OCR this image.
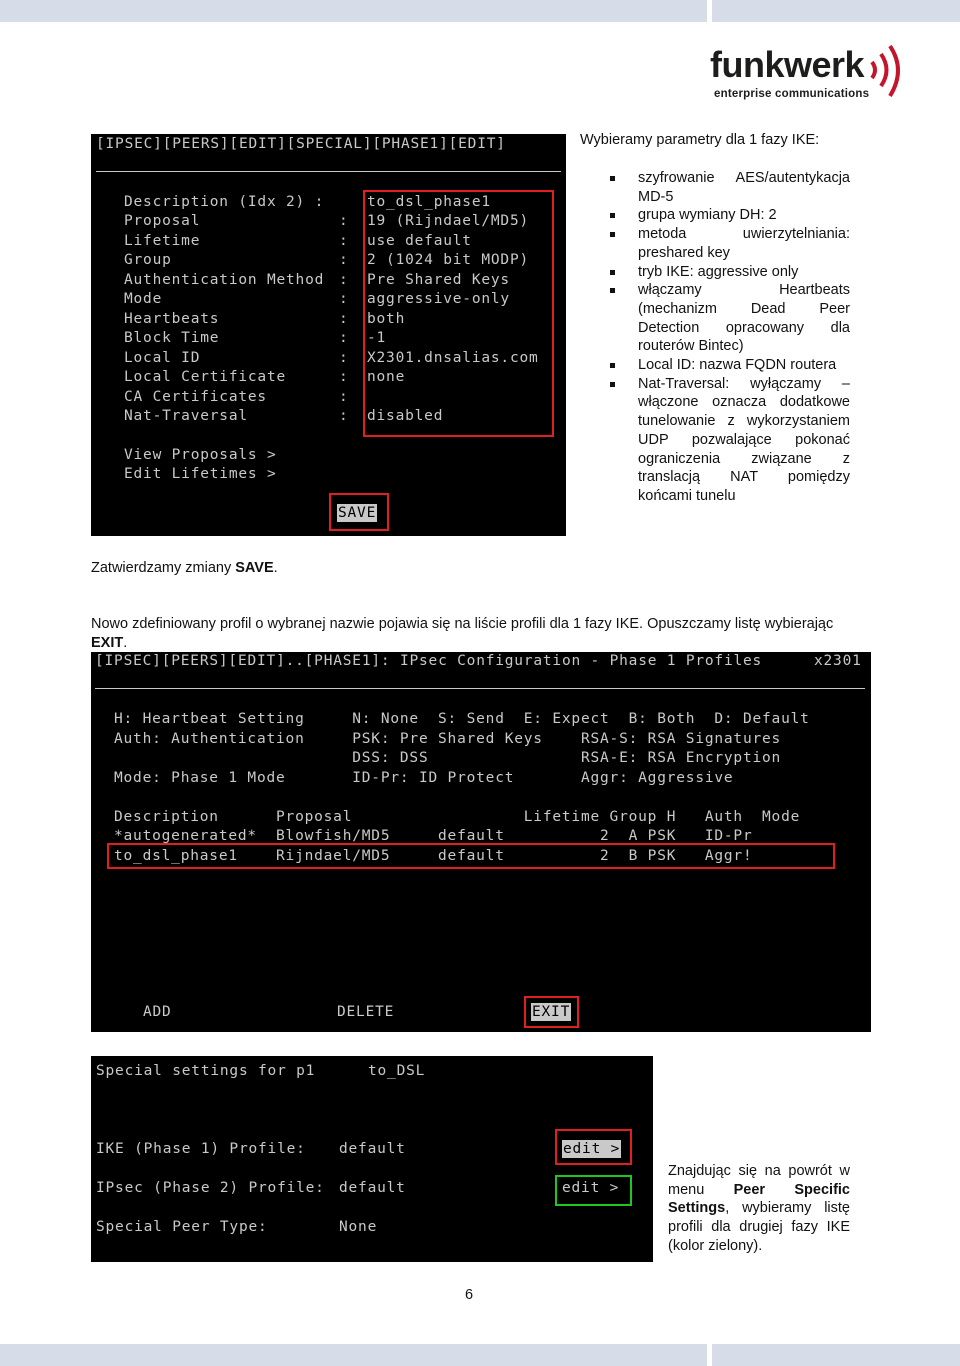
funkwerk
enterprise communications

[IPSEC][PEERS][EDIT][SPECIAL][PHASE1][EDIT]

Description (Idx 2) :

	to_dsl_phase1

Proposal

	:

19 (Rijndael/MD5)

Lifetime

	:

use default

Group

	:

2 (1024 bit MODP)

Authentication Method

:

Pre Shared Keys

Mode

	:

aggressive-only

Heartbeats

	:

both

Block Time

	:

-1

Local ID

	:

X2301.dnsalias.com

Local Certificate

	:

none

CA Certificates

	:

Nat-Traversal

	:

disabled

View Proposals >

Edit Lifetimes >

SAVE

Wybieramy parametry dla 1 fazy IKE:
szyfrowanie AES/autentykacja MD-5
grupa wymiany DH: 2
metoda uwierzytelniania: preshared key
tryb IKE: aggressive only
włączamy Heartbeats (mechanizm Dead Peer Detection opracowany dla routerów Bintec)
Local ID: nazwa FQDN routera
Nat-Traversal: wyłączamy – włączone oznacza dodatkowe tunelowanie z wykorzystaniem UDP pozwalające pokonać ograniczenia związane z translacją NAT pomiędzy końcami tunelu
Zatwierdzamy zmiany SAVE.
Nowo zdefiniowany profil o wybranej nazwie pojawia się na liście profili dla 1 fazy IKE. Opuszczamy listę wybierając EXIT.

[IPSEC][PEERS][EDIT]..[PHASE1]: IPsec Configuration - Phase 1 Profiles

	x2301

H: Heartbeat Setting     N: None  S: Send  E: Expect  B: Both  D: Default

Auth: Authentication     PSK: Pre Shared Keys    RSA-S: RSA Signatures

DSS: DSS                RSA-E: RSA Encryption

Mode: Phase 1 Mode       ID-Pr: ID Protect       Aggr: Aggressive

Description      Proposal                  Lifetime Group H   Auth  Mode

*autogenerated*  Blowfish/MD5     default          2  A PSK   ID-Pr

to_dsl_phase1    Rijndael/MD5     default          2  B PSK   Aggr!

ADD

	DELETE

	EXIT

Special settings for p1

	to_DSL

IKE (Phase 1) Profile:

default

	edit >

IPsec (Phase 2) Profile:

default

	edit >

Special Peer Type:

	None

Znajdując się na powrót w menu Peer Specific Settings, wybieramy listę profili dla drugiej fazy IKE (kolor zielony).
6
